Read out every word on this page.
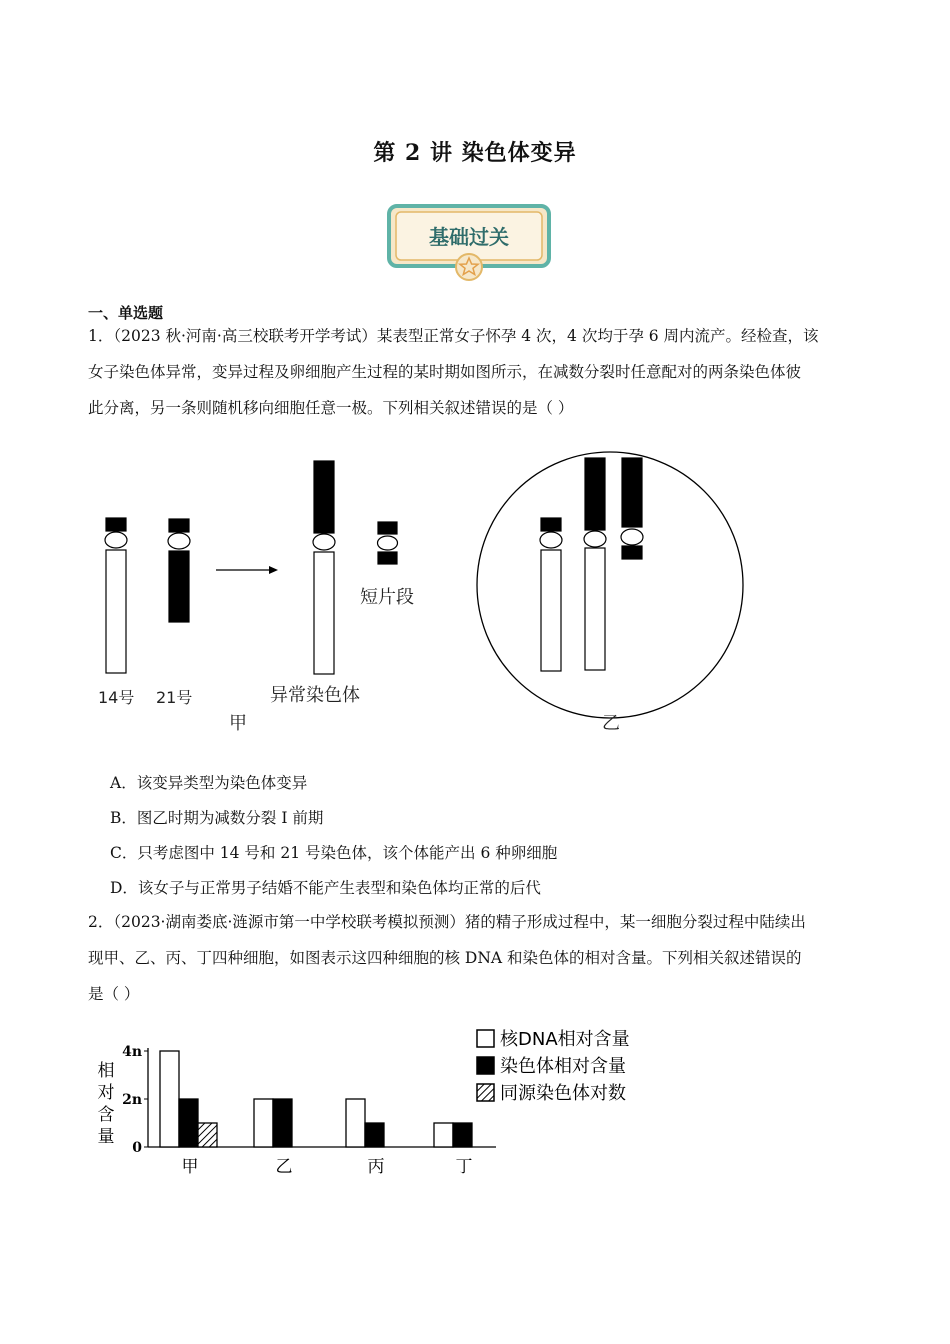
第 2 讲 染色体变异
基础过关
一、单选题
1．（2023 秋·河南·高三校联考开学考试）某表型正常女子怀孕 4 次，4 次均于孕 6 周内流产。经检查，该
女子染色体异常，变异过程及卵细胞产生过程的某时期如图所示，在减数分裂时任意配对的两条染色体彼
此分离，另一条则随机移向细胞任意一极。下列相关叙述错误的是（ ）
14号 21号	异常染色体
短片段
甲	乙
A．该变异类型为染色体变异
B．图乙时期为减数分裂 I 前期
C．只考虑图中 14 号和 21 号染色体，该个体能产出 6 种卵细胞
D．该女子与正常男子结婚不能产生表型和染色体均正常的后代
2．（2023·湖南娄底·涟源市第一中学校联考模拟预测）猪的精子形成过程中，某一细胞分裂过程中陆续出
现甲、乙、丙、丁四种细胞，如图表示这四种细胞的核 DNA 和染色体的相对含量。下列相关叙述错误的
是（ ）
0
2n
4n
相
对
含
量
甲	乙	丙	丁
核DNA相对含量
染色体相对含量
同源染色体对数
